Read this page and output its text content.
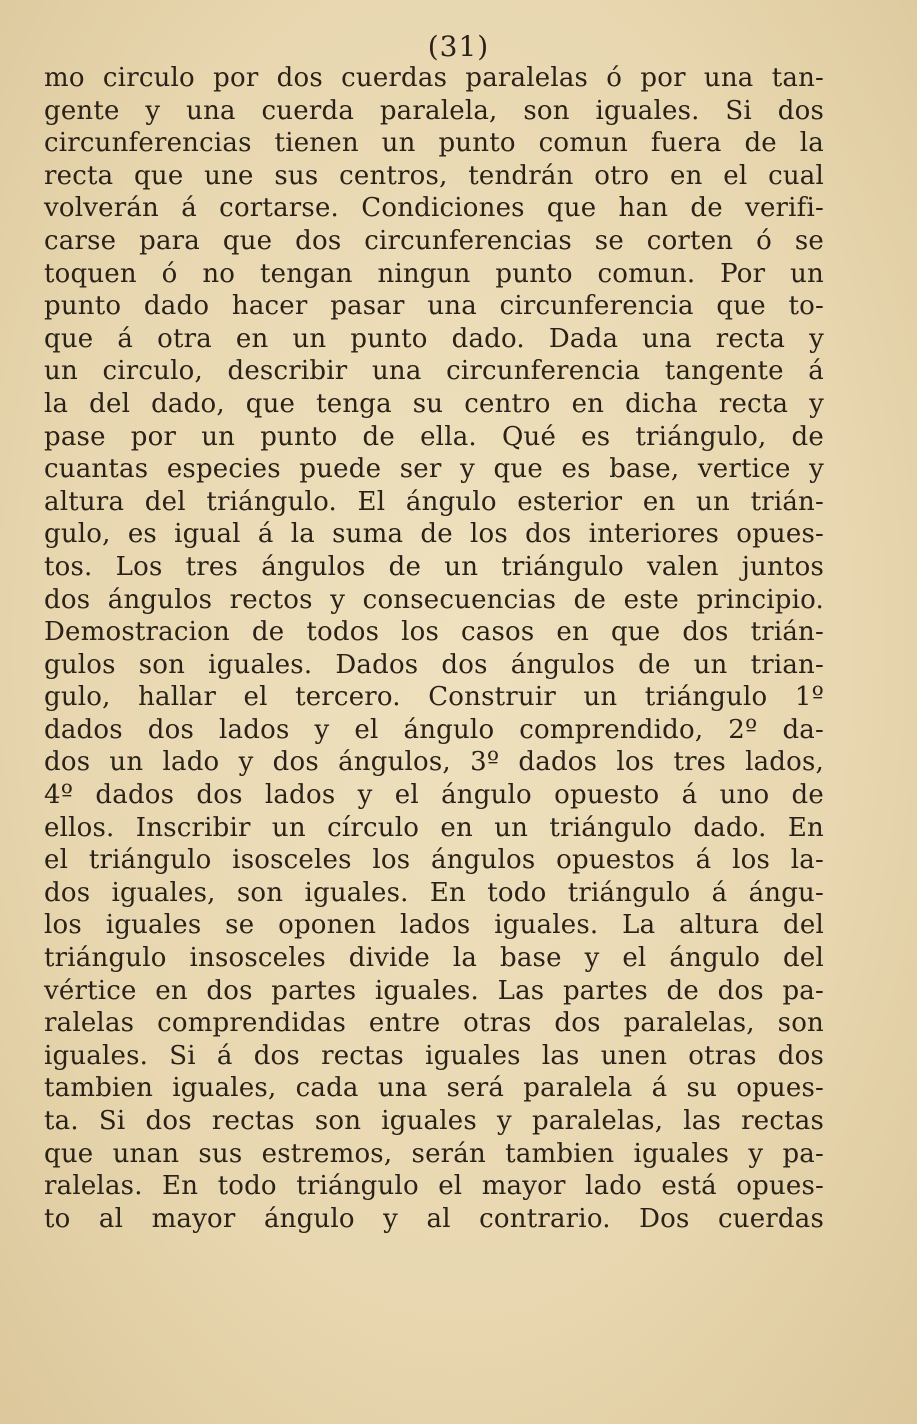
(31)
mo circulo por dos cuerdas paralelas ó por una tan-
gente y una cuerda paralela, son iguales. Si dos
circunferencias tienen un punto comun fuera de la
recta que une sus centros, tendrán otro en el cual
volverán á cortarse. Condiciones que han de verifi-
carse para que dos circunferencias se corten ó se
toquen ó no tengan ningun punto comun. Por un
punto dado hacer pasar una circunferencia que to-
que á otra en un punto dado. Dada una recta y
un circulo, describir una circunferencia tangente á
la del dado, que tenga su centro en dicha recta y
pase por un punto de ella. Qué es triángulo, de
cuantas especies puede ser y que es base, vertice y
altura del triángulo. El ángulo esterior en un trián-
gulo, es igual á la suma de los dos interiores opues-
tos. Los tres ángulos de un triángulo valen juntos
dos ángulos rectos y consecuencias de este principio.
Demostracion de todos los casos en que dos trián-
gulos son iguales. Dados dos ángulos de un trian-
gulo, hallar el tercero. Construir un triángulo 1º
dados dos lados y el ángulo comprendido, 2º da-
dos un lado y dos ángulos, 3º dados los tres lados,
4º dados dos lados y el ángulo opuesto á uno de
ellos. Inscribir un círculo en un triángulo dado. En
el triángulo isosceles los ángulos opuestos á los la-
dos iguales, son iguales. En todo triángulo á ángu-
los iguales se oponen lados iguales. La altura del
triángulo insosceles divide la base y el ángulo del
vértice en dos partes iguales. Las partes de dos pa-
ralelas comprendidas entre otras dos paralelas, son
iguales. Si á dos rectas iguales las unen otras dos
tambien iguales, cada una será paralela á su opues-
ta. Si dos rectas son iguales y paralelas, las rectas
que unan sus estremos, serán tambien iguales y pa-
ralelas. En todo triángulo el mayor lado está opues-
to al mayor ángulo y al contrario. Dos cuerdas
